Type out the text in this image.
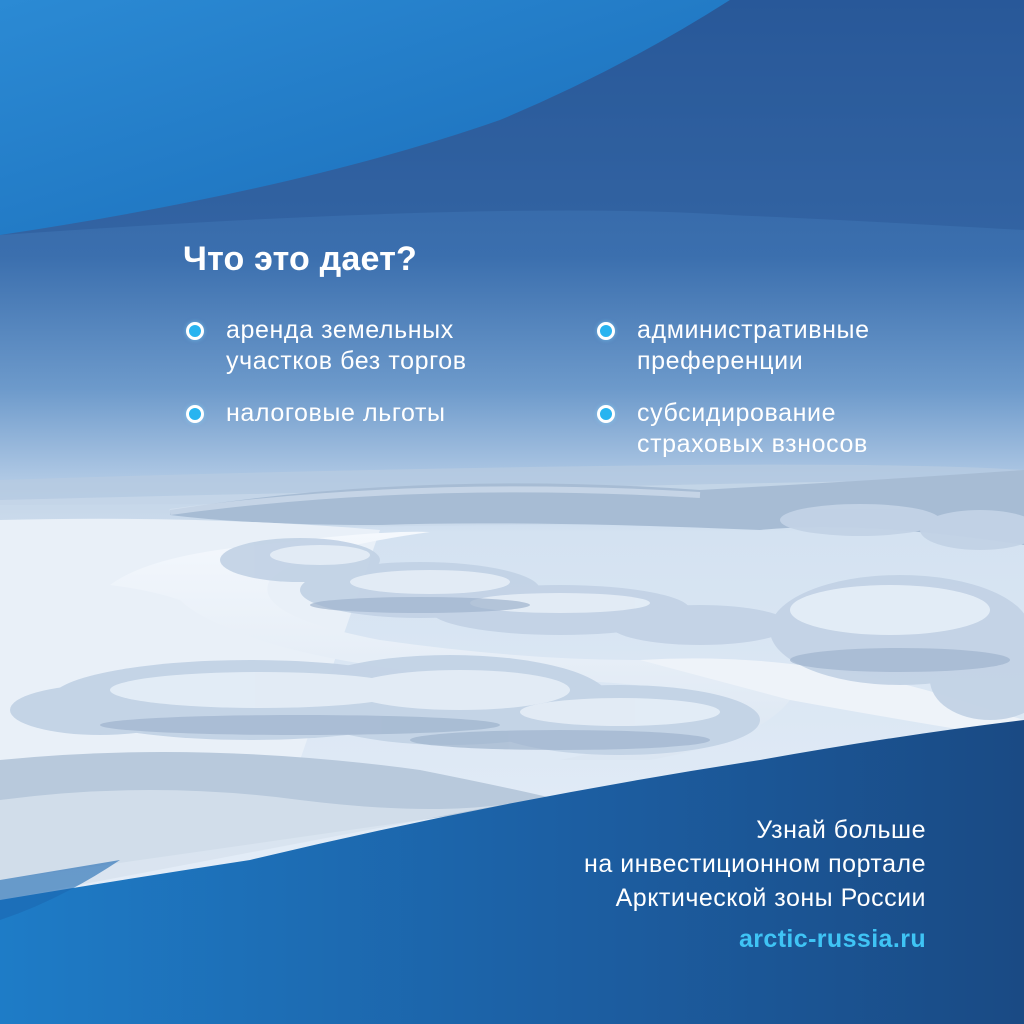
Что это дает?
аренда земельных
участков без торгов
налоговые льготы
административные
преференции
субсидирование
страховых взносов
Узнай больше
на инвестиционном портале
Арктической зоны России
arctic-russia.ru
